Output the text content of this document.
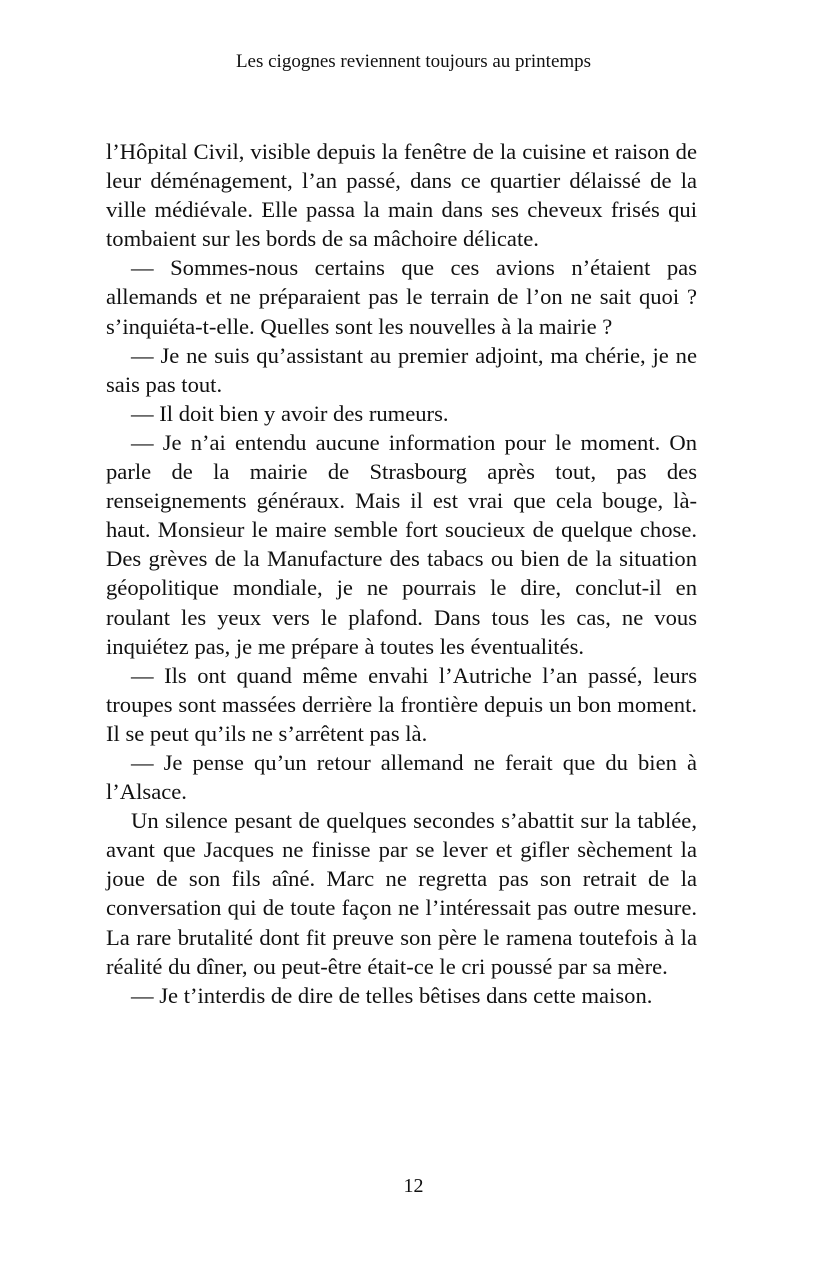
Les cigognes reviennent toujours au printemps

l’Hôpital Civil, visible depuis la fenêtre de la cuisine et raison de leur déménagement, l’an passé, dans ce quartier délaissé de la ville médiévale. Elle passa la main dans ses cheveux frisés qui tombaient sur les bords de sa mâchoire délicate.

— Sommes-nous certains que ces avions n’étaient pas allemands et ne préparaient pas le terrain de l’on ne sait quoi ? s’inquiéta-t-elle. Quelles sont les nouvelles à la mairie ?

— Je ne suis qu’assistant au premier adjoint, ma chérie, je ne sais pas tout.

— Il doit bien y avoir des rumeurs.

— Je n’ai entendu aucune information pour le moment. On parle de la mairie de Strasbourg après tout, pas des renseignements généraux. Mais il est vrai que cela bouge, là-haut. Monsieur le maire semble fort soucieux de quelque chose. Des grèves de la Manufacture des tabacs ou bien de la situation géopolitique mondiale, je ne pourrais le dire, conclut-il en roulant les yeux vers le plafond. Dans tous les cas, ne vous inquiétez pas, je me prépare à toutes les éventualités.

— Ils ont quand même envahi l’Autriche l’an passé, leurs troupes sont massées derrière la frontière depuis un bon moment. Il se peut qu’ils ne s’arrêtent pas là.

— Je pense qu’un retour allemand ne ferait que du bien à l’Alsace.

Un silence pesant de quelques secondes s’abattit sur la tablée, avant que Jacques ne finisse par se lever et gifler sèchement la joue de son fils aîné. Marc ne regretta pas son retrait de la conversation qui de toute façon ne l’intéressait pas outre mesure. La rare brutalité dont fit preuve son père le ramena toutefois à la réalité du dîner, ou peut-être était-ce le cri poussé par sa mère.

— Je t’interdis de dire de telles bêtises dans cette maison.

12
